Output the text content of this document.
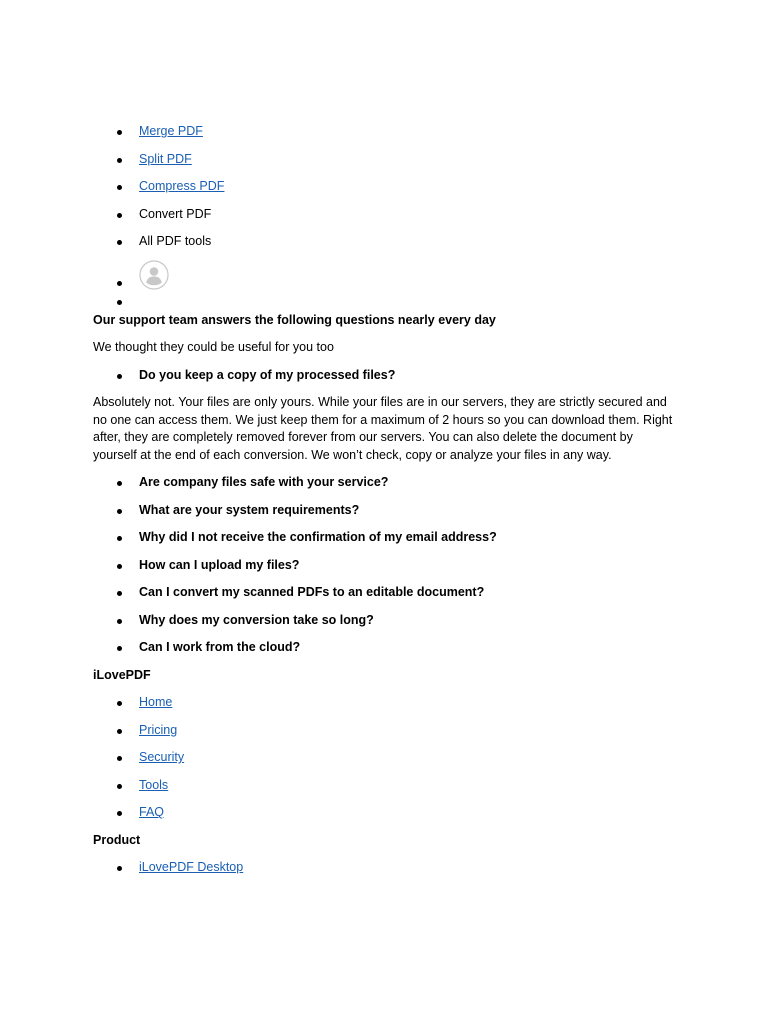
Merge PDF
Split PDF
Compress PDF
Convert PDF
All PDF tools

Our support team answers the following questions nearly every day

We thought they could be useful for you too

Do you keep a copy of my processed files?

Absolutely not. Your files are only yours. While your files are in our servers, they are strictly secured and no one can access them. We just keep them for a maximum of 2 hours so you can download them. Right after, they are completely removed forever from our servers. You can also delete the document by yourself at the end of each conversion. We won’t check, copy or analyze your files in any way.

Are company files safe with your service?
What are your system requirements?
Why did I not receive the confirmation of my email address?
How can I upload my files?
Can I convert my scanned PDFs to an editable document?
Why does my conversion take so long?
Can I work from the cloud?

iLovePDF

Home
Pricing
Security
Tools
FAQ

Product

iLovePDF Desktop
